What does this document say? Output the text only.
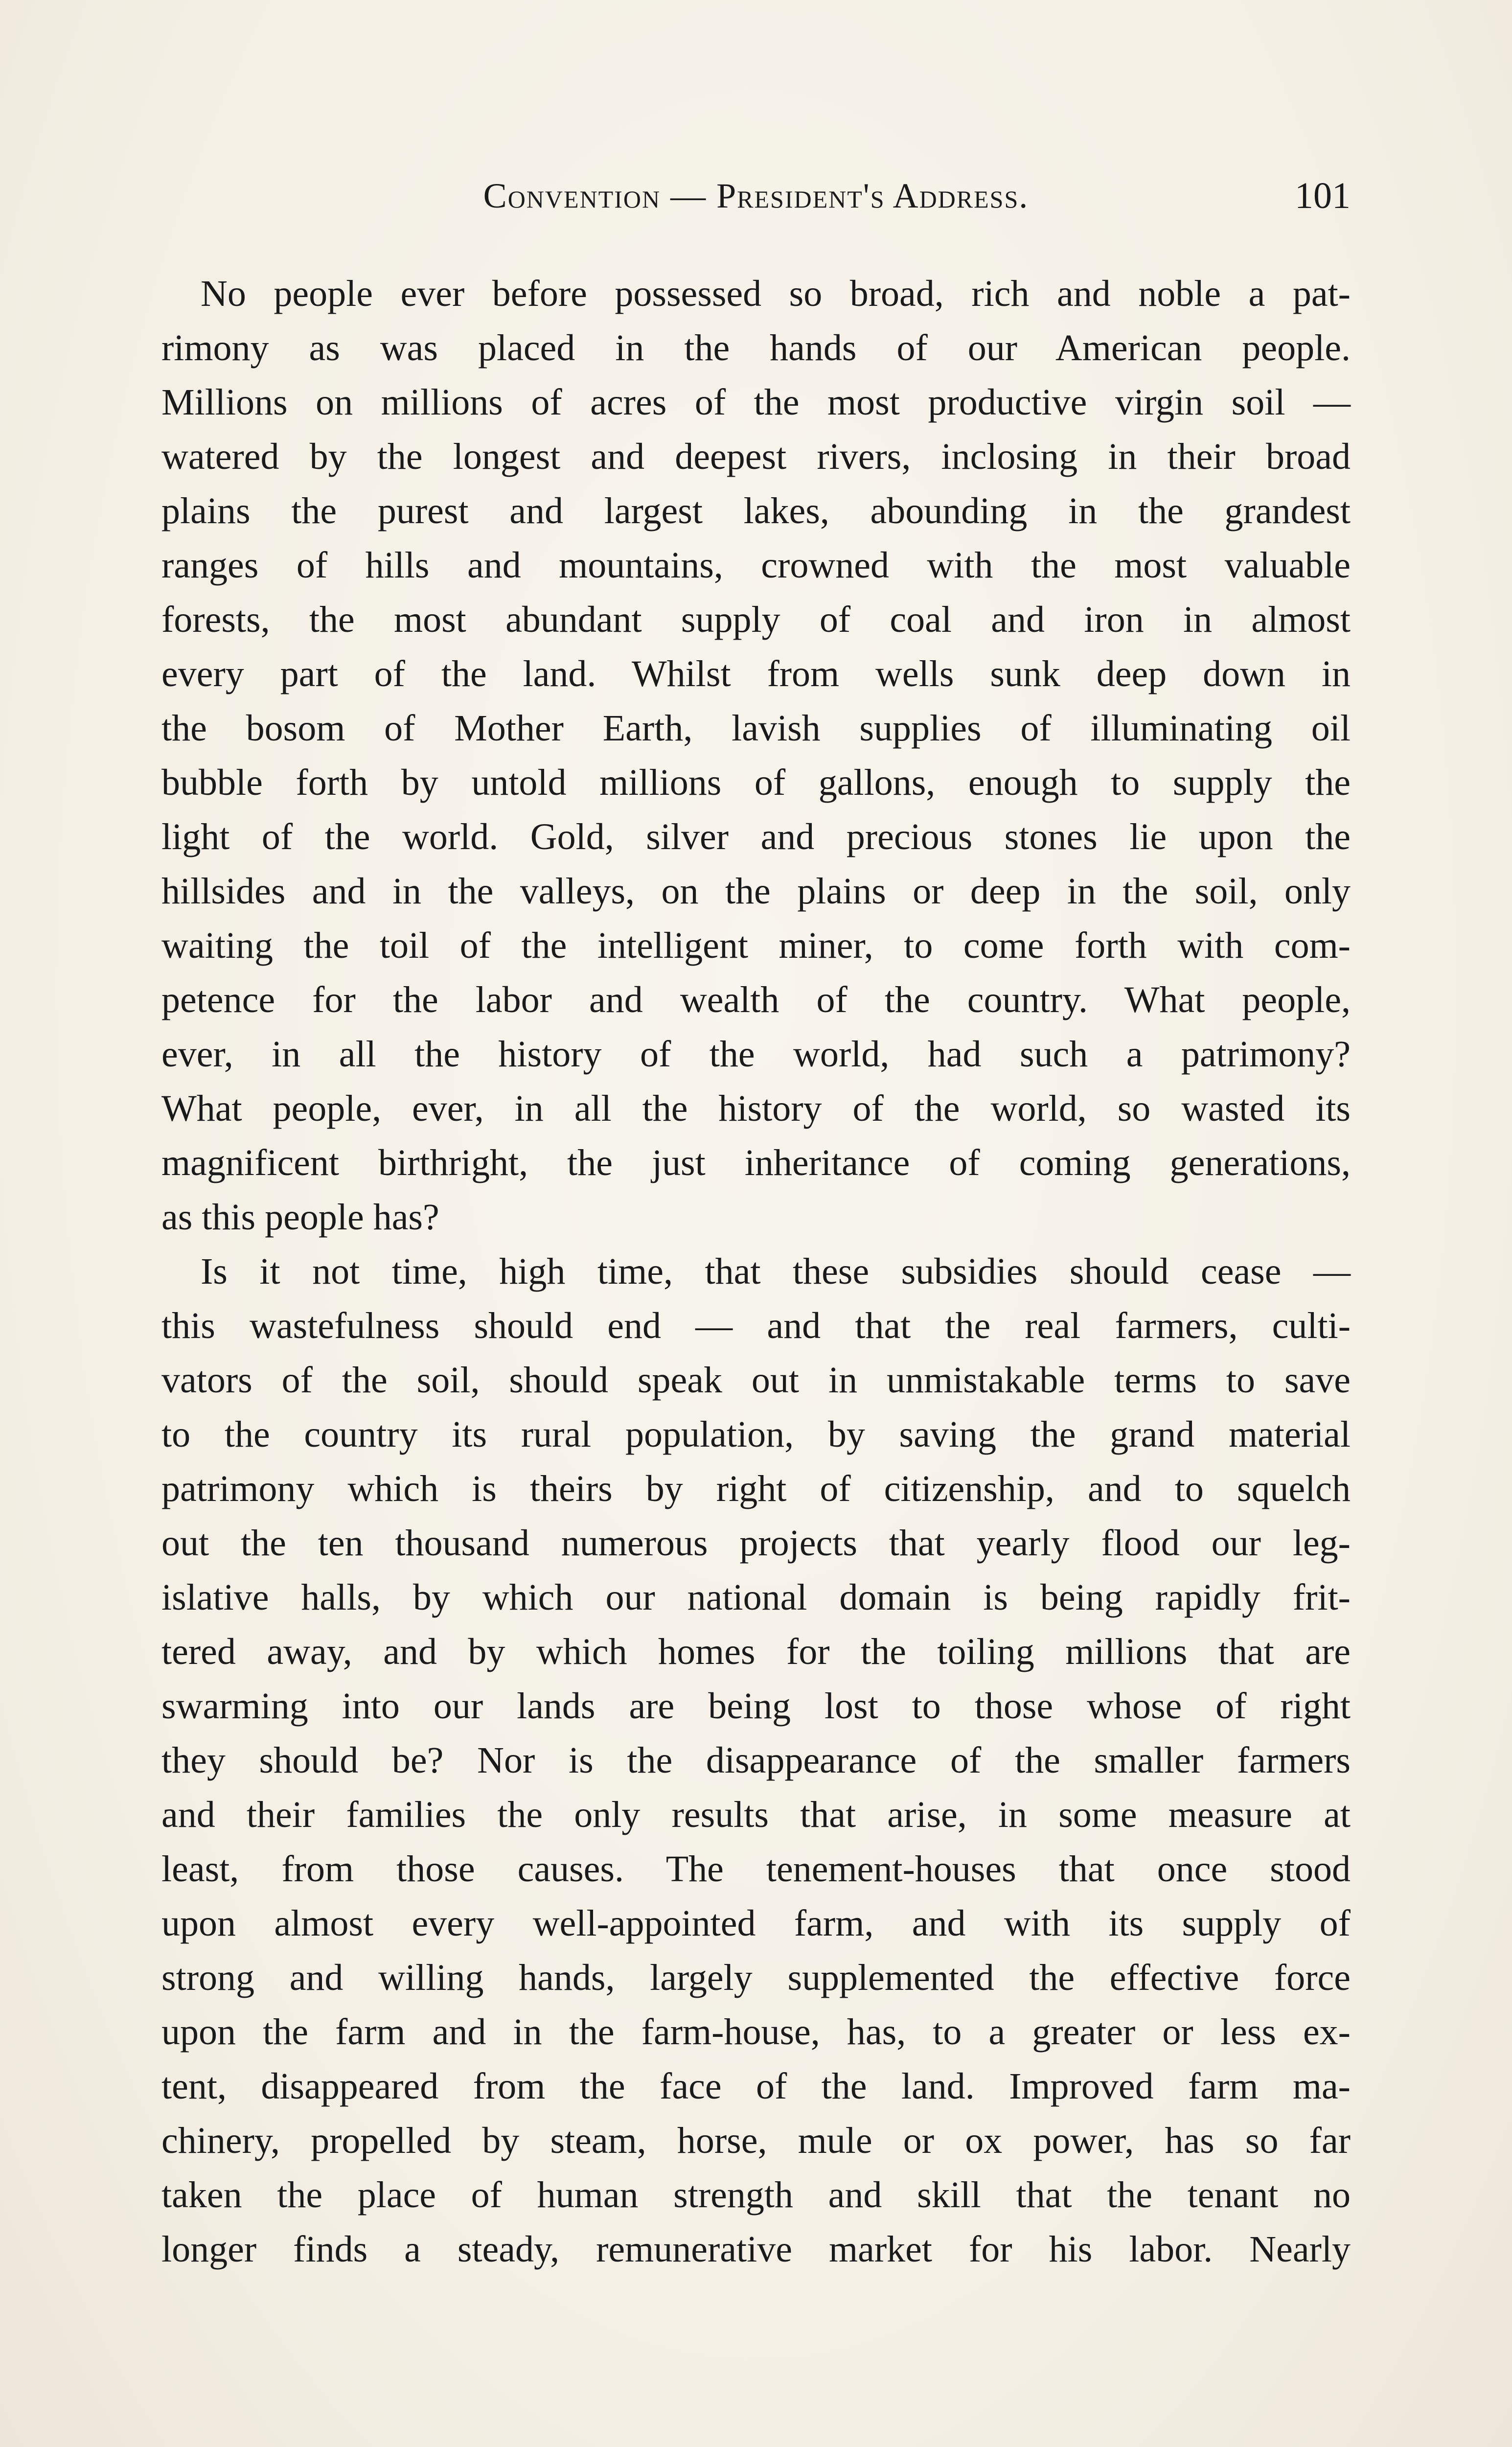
Convention — President's Address.	101
No people ever before possessed so broad, rich and noble a pat-
rimony as was placed in the hands of our American people.
Millions on millions of acres of the most productive virgin soil —
watered by the longest and deepest rivers, inclosing in their broad
plains the purest and largest lakes, abounding in the grandest
ranges of hills and mountains, crowned with the most valuable
forests, the most abundant supply of coal and iron in almost
every part of the land. Whilst from wells sunk deep down in
the bosom of Mother Earth, lavish supplies of illuminating oil
bubble forth by untold millions of gallons, enough to supply the
light of the world. Gold, silver and precious stones lie upon the
hillsides and in the valleys, on the plains or deep in the soil, only
waiting the toil of the intelligent miner, to come forth with com-
petence for the labor and wealth of the country. What people,
ever, in all the history of the world, had such a patrimony?
What people, ever, in all the history of the world, so wasted its
magnificent birthright, the just inheritance of coming generations,
as this people has?
Is it not time, high time, that these subsidies should cease —
this wastefulness should end — and that the real farmers, culti-
vators of the soil, should speak out in unmistakable terms to save
to the country its rural population, by saving the grand material
patrimony which is theirs by right of citizenship, and to squelch
out the ten thousand numerous projects that yearly flood our leg-
islative halls, by which our national domain is being rapidly frit-
tered away, and by which homes for the toiling millions that are
swarming into our lands are being lost to those whose of right
they should be? Nor is the disappearance of the smaller farmers
and their families the only results that arise, in some measure at
least, from those causes. The tenement-houses that once stood
upon almost every well-appointed farm, and with its supply of
strong and willing hands, largely supplemented the effective force
upon the farm and in the farm-house, has, to a greater or less ex-
tent, disappeared from the face of the land. Improved farm ma-
chinery, propelled by steam, horse, mule or ox power, has so far
taken the place of human strength and skill that the tenant no
longer finds a steady, remunerative market for his labor. Nearly
